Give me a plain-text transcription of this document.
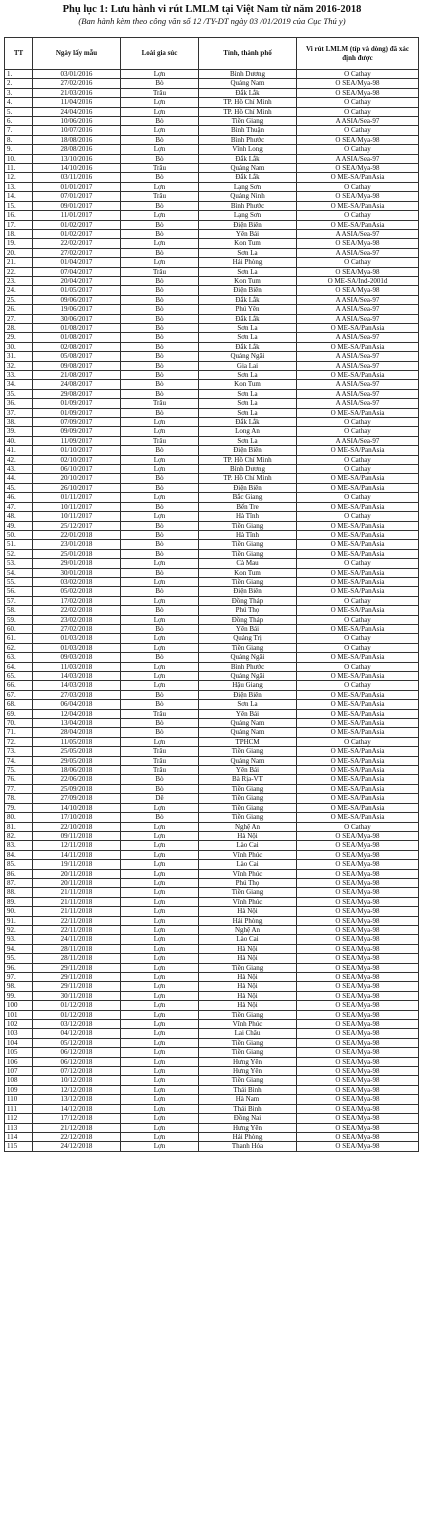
Phụ lục 1: Lưu hành vi rút LMLM tại Việt Nam từ năm 2016-2018
(Ban hành kèm theo công văn số 12 /TY-DT ngày 03 /01/2019 của Cục Thú y)
TT	Ngày lấy mẫu	Loài gia súc	Tỉnh, thành phố	Vi rút LMLM (típ và dòng) đã xác định được
1.	03/01/2016	Lợn	Bình Dương	O Cathay
2.	27/02/2016	Bò	Quảng Nam	O SEA/Mya-98
3.	21/03/2016	Trâu	Đắk Lắk	O SEA/Mya-98
4.	11/04/2016	Lợn	TP. Hồ Chí Minh	O Cathay
5.	24/04/2016	Lợn	TP. Hồ Chí Minh	O Cathay
6.	10/06/2016	Bò	Tiền Giang	A ASIA/Sea-97
7.	10/07/2016	Lợn	Bình Thuận	O Cathay
8.	18/08/2016	Bò	Bình Phước	O SEA/Mya-98
9.	28/08/2016	Lợn	Vĩnh Long	O Cathay
10.	13/10/2016	Bò	Đắk Lắk	A ASIA/Sea-97
11.	14/10/2016	Trâu	Quảng Nam	O SEA/Mya-98
12.	03/11/2016	Bò	Đắk Lắk	O ME-SA/PanAsia
13.	01/01/2017	Lợn	Lạng Sơn	O Cathay
14.	07/01/2017	Trâu	Quảng Ninh	O SEA/Mya-98
15.	09/01/2017	Bò	Bình Phước	O ME-SA/PanAsia
16.	11/01/2017	Lợn	Lạng Sơn	O Cathay
17.	01/02/2017	Bò	Điện Biên	O ME-SA/PanAsia
18.	01/02/2017	Bò	Yên Bái	A ASIA/Sea-97
19.	22/02/2017	Lợn	Kon Tum	O SEA/Mya-98
20.	27/02/2017	Bò	Sơn La	A ASIA/Sea-97
21.	01/04/2017	Lợn	Hải Phòng	O Cathay
22.	07/04/2017	Trâu	Sơn La	O SEA/Mya-98
23.	20/04/2017	Bò	Kon Tum	O ME-SA/Ind-2001d
24.	01/05/2017	Bò	Điện Biên	O SEA/Mya-98
25.	09/06/2017	Bò	Đắk Lắk	A ASIA/Sea-97
26.	19/06/2017	Bò	Phú Yên	A ASIA/Sea-97
27.	30/06/2017	Bò	Đắk Lắk	A ASIA/Sea-97
28.	01/08/2017	Bò	Sơn La	O ME-SA/PanAsia
29.	01/08/2017	Bò	Sơn La	A ASIA/Sea-97
30.	02/08/2017	Bò	Đắk Lắk	O ME-SA/PanAsia
31.	05/08/2017	Bò	Quảng Ngãi	A ASIA/Sea-97
32.	09/08/2017	Bò	Gia Lai	A ASIA/Sea-97
33.	21/08/2017	Bò	Sơn La	O ME-SA/PanAsia
34.	24/08/2017	Bò	Kon Tum	A ASIA/Sea-97
35.	29/08/2017	Bò	Sơn La	A ASIA/Sea-97
36.	01/09/2017	Trâu	Sơn La	A ASIA/Sea-97
37.	01/09/2017	Bò	Sơn La	O ME-SA/PanAsia
38.	07/09/2017	Lợn	Đắk Lắk	O Cathay
39.	09/09/2017	Lợn	Long An	O Cathay
40.	11/09/2017	Trâu	Sơn La	A ASIA/Sea-97
41.	01/10/2017	Bò	Điện Biên	O ME-SA/PanAsia
42.	02/10/2017	Lợn	TP. Hồ Chí Minh	O Cathay
43.	06/10/2017	Lợn	Bình Dương	O Cathay
44.	20/10/2017	Bò	TP. Hồ Chí Minh	O ME-SA/PanAsia
45.	26/10/2017	Bò	Điện Biên	O ME-SA/PanAsia
46.	01/11/2017	Lợn	Bắc Giang	O Cathay
47.	10/11/2017	Bò	Bến Tre	O ME-SA/PanAsia
48.	10/11/2017	Lợn	Hà Tĩnh	O Cathay
49.	25/12/2017	Bò	Tiền Giang	O ME-SA/PanAsia
50.	22/01/2018	Bò	Hà Tĩnh	O ME-SA/PanAsia
51.	23/01/2018	Bò	Tiền Giang	O ME-SA/PanAsia
52.	25/01/2018	Bò	Tiền Giang	O ME-SA/PanAsia
53.	29/01/2018	Lợn	Cà Mau	O Cathay
54.	30/01/2018	Bò	Kon Tum	O ME-SA/PanAsia
55.	03/02/2018	Lợn	Tiền Giang	O ME-SA/PanAsia
56.	05/02/2018	Bò	Điện Biên	O ME-SA/PanAsia
57.	17/02/2018	Lợn	Đồng Tháp	O Cathay
58.	22/02/2018	Bò	Phú Thọ	O ME-SA/PanAsia
59.	23/02/2018	Lợn	Đồng Tháp	O Cathay
60.	27/02/2018	Bò	Yên Bái	O ME-SA/PanAsia
61.	01/03/2018	Lợn	Quảng Trị	O Cathay
62.	01/03/2018	Lợn	Tiền Giang	O Cathay
63.	09/03/2018	Bò	Quảng Ngãi	O ME-SA/PanAsia
64.	11/03/2018	Lợn	Bình Phước	O Cathay
65.	14/03/2018	Lợn	Quảng Ngãi	O ME-SA/PanAsia
66.	14/03/2018	Lợn	Hậu Giang	O Cathay
67.	27/03/2018	Bò	Điện Biên	O ME-SA/PanAsia
68.	06/04/2018	Bò	Sơn La	O ME-SA/PanAsia
69.	12/04/2018	Trâu	Yên Bái	O ME-SA/PanAsia
70.	13/04/2018	Bò	Quảng Nam	O ME-SA/PanAsia
71.	28/04/2018	Bò	Quảng Nam	O ME-SA/PanAsia
72.	11/05/2018	Lợn	TPHCM	O Cathay
73.	25/05/2018	Trâu	Tiền Giang	O ME-SA/PanAsia
74.	29/05/2018	Trâu	Quảng Nam	O ME-SA/PanAsia
75.	18/06/2018	Trâu	Yên Bái	O ME-SA/PanAsia
76.	22/06/2018	Bò	Bà Rịa-VT	O ME-SA/PanAsia
77.	25/09/2018	Bò	Tiền Giang	O ME-SA/PanAsia
78.	27/09/2018	Dê	Tiền Giang	O ME-SA/PanAsia
79.	14/10/2018	Lợn	Tiền Giang	O ME-SA/PanAsia
80.	17/10/2018	Bò	Tiền Giang	O ME-SA/PanAsia
81.	22/10/2018	Lợn	Nghệ An	O Cathay
82.	09/11/2018	Lợn	Hà Nội	O SEA/Mya-98
83.	12/11/2018	Lợn	Lào Cai	O SEA/Mya-98
84.	14/11/2018	Lợn	Vĩnh Phúc	O SEA/Mya-98
85.	19/11/2018	Lợn	Lào Cai	O SEA/Mya-98
86.	20/11/2018	Lợn	Vĩnh Phúc	O SEA/Mya-98
87.	20/11/2018	Lợn	Phú Thọ	O SEA/Mya-98
88.	21/11/2018	Lợn	Tiền Giang	O SEA/Mya-98
89.	21/11/2018	Lợn	Vĩnh Phúc	O SEA/Mya-98
90.	21/11/2018	Lợn	Hà Nội	O SEA/Mya-98
91.	22/11/2018	Lợn	Hải Phòng	O SEA/Mya-98
92.	22/11/2018	Lợn	Nghệ An	O SEA/Mya-98
93.	24/11/2018	Lợn	Lào Cai	O SEA/Mya-98
94.	28/11/2018	Lợn	Hà Nội	O SEA/Mya-98
95.	28/11/2018	Lợn	Hà Nội	O SEA/Mya-98
96.	29/11/2018	Lợn	Tiền Giang	O SEA/Mya-98
97.	29/11/2018	Lợn	Hà Nội	O SEA/Mya-98
98.	29/11/2018	Lợn	Hà Nội	O SEA/Mya-98
99.	30/11/2018	Lợn	Hà Nội	O SEA/Mya-98
100	01/12/2018	Lợn	Hà Nội	O SEA/Mya-98
101	01/12/2018	Lợn	Tiền Giang	O SEA/Mya-98
102	03/12/2018	Lợn	Vĩnh Phúc	O SEA/Mya-98
103	04/12/2018	Lợn	Lai Châu	O SEA/Mya-98
104	05/12/2018	Lợn	Tiền Giang	O SEA/Mya-98
105	06/12/2018	Lợn	Tiền Giang	O SEA/Mya-98
106	06/12/2018	Lợn	Hưng Yên	O SEA/Mya-98
107	07/12/2018	Lợn	Hưng Yên	O SEA/Mya-98
108	10/12/2018	Lợn	Tiền Giang	O SEA/Mya-98
109	12/12/2018	Lợn	Thái Bình	O SEA/Mya-98
110	13/12/2018	Lợn	Hà Nam	O SEA/Mya-98
111	14/12/2018	Lợn	Thái Bình	O SEA/Mya-98
112	17/12/2018	Lợn	Đồng Nai	O SEA/Mya-98
113	21/12/2018	Lợn	Hưng Yên	O SEA/Mya-98
114	22/12/2018	Lợn	Hải Phòng	O SEA/Mya-98
115	24/12/2018	Lợn	Thanh Hóa	O SEA/Mya-98
